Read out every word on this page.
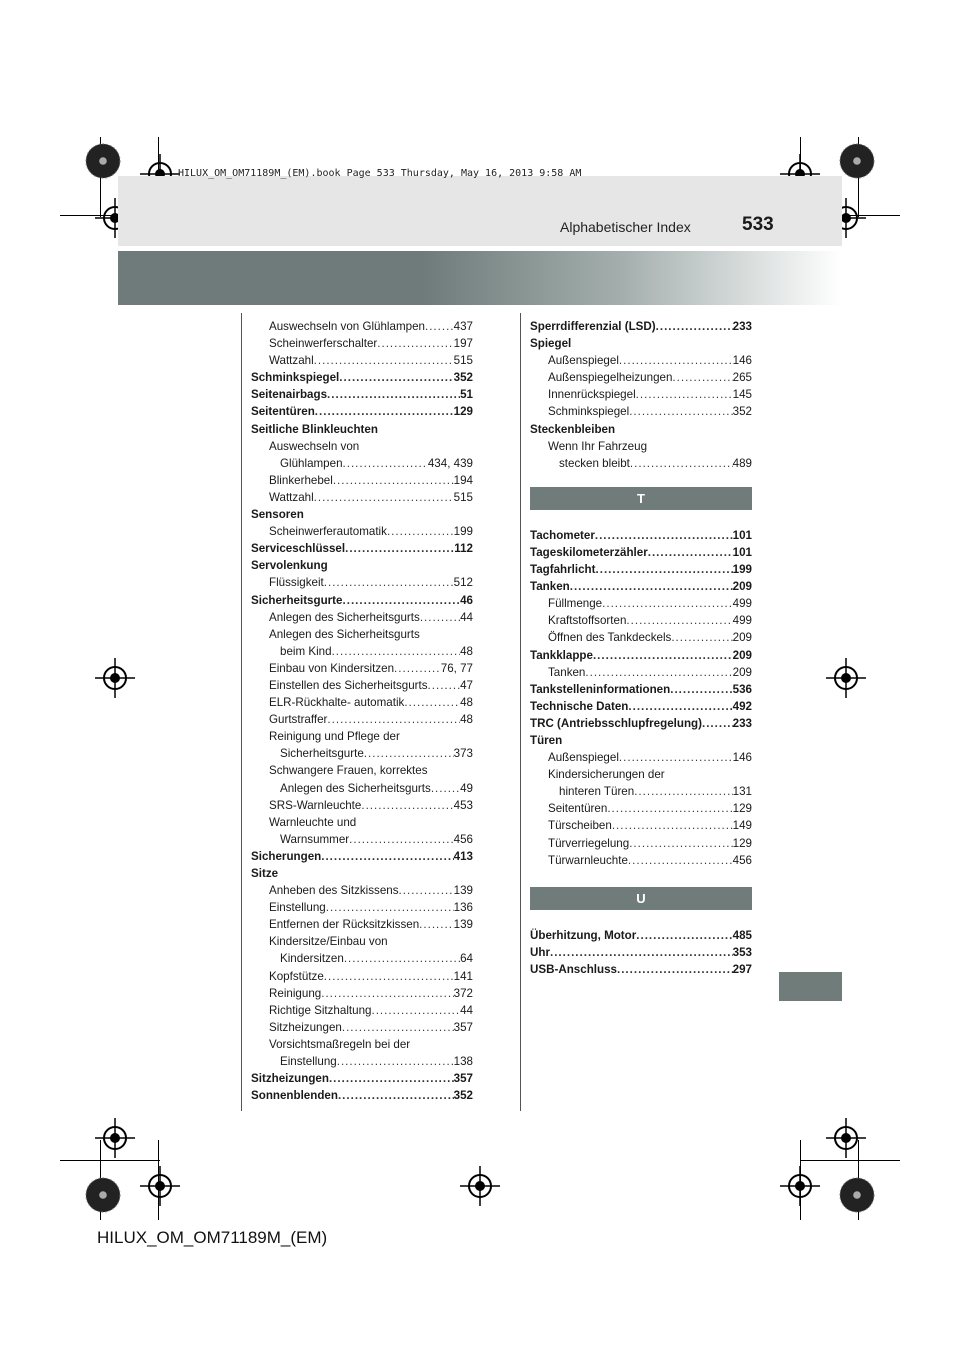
HILUX_OM_OM71189M_(EM).book Page 533 Thursday, May 16, 2013 9:58 AM
Alphabetischer Index	533
Auswechseln von Glühlampen ..... 437
Scheinwerferschalter .....	197
Wattzahl .....	515
Schminkspiegel .....	352
Seitenairbags .....	51
Seitentüren .....	129
Seitliche Blinkleuchten
Auswechseln von
Glühlampen .....	434, 439
Blinkerhebel .....	194
Wattzahl .....	515
Sensoren
Scheinwerferautomatik .....	199
Serviceschlüssel .....	112
Servolenkung
Flüssigkeit .....	512
Sicherheitsgurte .....	46
Anlegen des Sicherheitsgurts .....	44
Anlegen des Sicherheitsgurts
beim Kind .....	48
Einbau von Kindersitzen .....	76, 77
Einstellen des Sicherheitsgurts .....	47
ELR-Rückhalte- automatik .....	48
Gurtstraffer .....	48
Reinigung und Pflege der
Sicherheitsgurte .....	373
Schwangere Frauen, korrektes
Anlegen des Sicherheitsgurts .....	49
SRS-Warnleuchte .....	453
Warnleuchte und
Warnsummer .....	456
Sicherungen .....	413
Sitze
Anheben des Sitzkissens .....	139
Einstellung .....	136
Entfernen der Rücksitzkissen .....	139
Kindersitze/Einbau von
Kindersitzen .....	64
Kopfstütze .....	141
Reinigung .....	372
Richtige Sitzhaltung .....	44
Sitzheizungen .....	357
Vorsichtsmaßregeln bei der
Einstellung .....	138
Sitzheizungen .....	357
Sonnenblenden .....	352
Sperrdifferenzial (LSD) .....	233
Spiegel
Außenspiegel .....	146
Außenspiegelheizungen .....	265
Innenrückspiegel .....	145
Schminkspiegel .....	352
Steckenbleiben
Wenn Ihr Fahrzeug
stecken bleibt .....	489
T
Tachometer .....	101
Tageskilometerzähler .....	101
Tagfahrlicht .....	199
Tanken .....	209
Füllmenge .....	499
Kraftstoffsorten .....	499
Öffnen des Tankdeckels .....	209
Tankklappe .....	209
Tanken .....	209
Tankstelleninformationen .....	536
Technische Daten .....	492
TRC (Antriebsschlupfregelung) .....	233
Türen
Außenspiegel .....	146
Kindersicherungen der
hinteren Türen .....	131
Seitentüren .....	129
Türscheiben .....	149
Türverriegelung .....	129
Türwarnleuchte .....	456
U
Überhitzung, Motor .....	485
Uhr .....	353
USB-Anschluss .....	297
HILUX_OM_OM71189M_(EM)
